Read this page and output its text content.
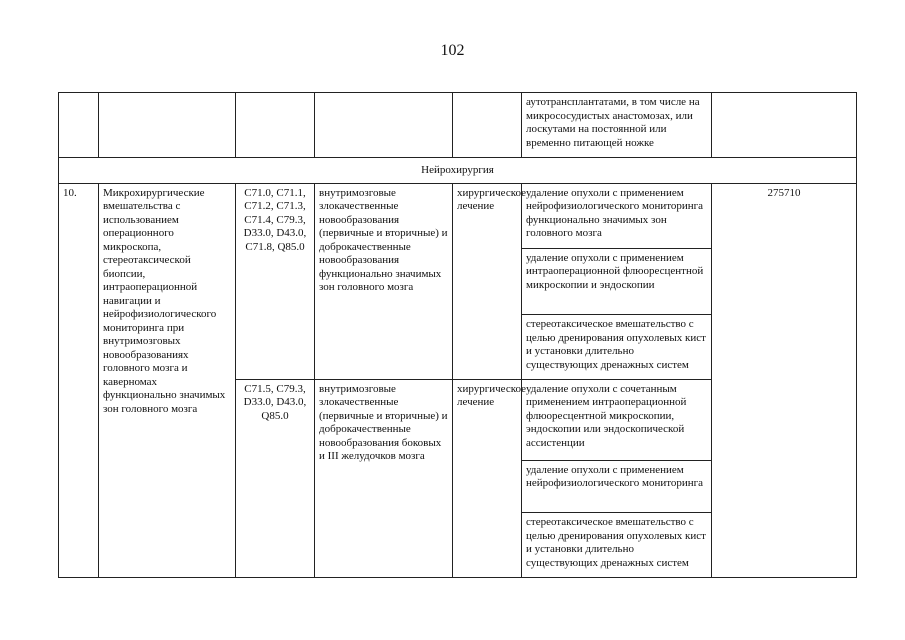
102
					аутотрансплантатами, в том числе на микрососудистых анастомозах, или лоскутами на постоянной или временно питающей ножке	
Нейрохирургия						
10.	Микрохирургические вмешательства с использованием операционного микроскопа, стереотаксической биопсии, интраоперационной навигации и нейрофизиологического мониторинга при внутримозговых новообразованиях головного мозга и каверномах функционально значимых зон головного мозга	С71.0, С71.1, С71.2, С71.3, С71.4, С79.3, D33.0, D43.0, С71.8, Q85.0	внутримозговые злокачественные новообразования (первичные и вторичные) и доброкачественные новообразования функционально значимых зон головного мозга	хирургическое лечение	удаление опухоли с применением нейрофизиологического мониторинга функционально значимых зон головного мозга	275710
					удаление опухоли с применением интраоперационной флюоресцентной микроскопии и эндоскопии	
					стереотаксическое вмешательство с целью дренирования опухолевых кист и установки длительно существующих дренажных систем	
		С71.5, С79.3, D33.0, D43.0, Q85.0	внутримозговые злокачественные (первичные и вторичные) и доброкачественные новообразования боковых и III желудочков мозга	хирургическое лечение	удаление опухоли с сочетанным применением интраоперационной флюоресцентной микроскопии, эндоскопии или эндоскопической ассистенции	
					удаление опухоли с применением нейрофизиологического мониторинга	
					стереотаксическое вмешательство с целью дренирования опухолевых кист и установки длительно существующих дренажных систем	
